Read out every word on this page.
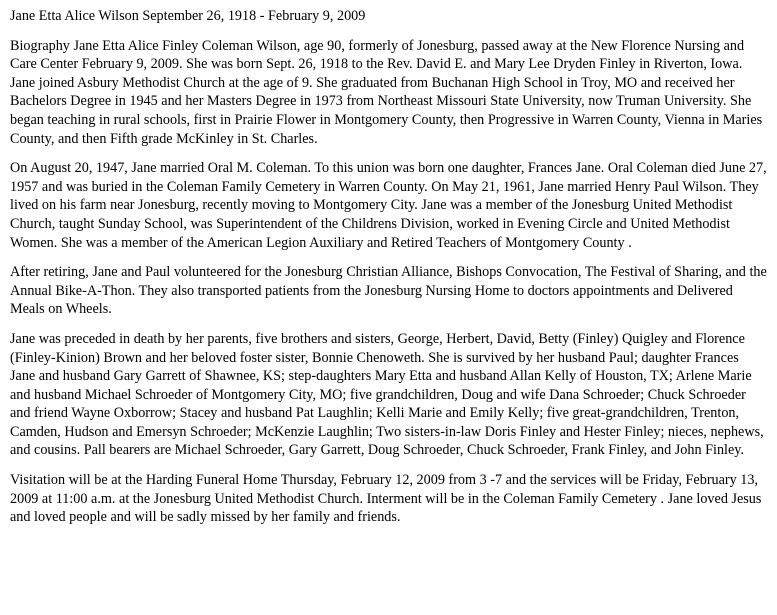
Jane Etta Alice Wilson September 26, 1918 - February 9, 2009
Biography Jane Etta Alice Finley Coleman Wilson, age 90, formerly of Jonesburg, passed away at the New Florence Nursing and Care Center February 9, 2009. She was born Sept. 26, 1918 to the Rev. David E. and Mary Lee Dryden Finley in Riverton, Iowa. Jane joined Asbury Methodist Church at the age of 9. She graduated from Buchanan High School in Troy, MO and received her Bachelors Degree in 1945 and her Masters Degree in 1973 from Northeast Missouri State University, now Truman University. She began teaching in rural schools, first in Prairie Flower in Montgomery County, then Progressive in Warren County, Vienna in Maries County, and then Fifth grade McKinley in St. Charles.
On August 20, 1947, Jane married Oral M. Coleman. To this union was born one daughter, Frances Jane. Oral Coleman died June 27, 1957 and was buried in the Coleman Family Cemetery in Warren County. On May 21, 1961, Jane married Henry Paul Wilson. They lived on his farm near Jonesburg, recently moving to Montgomery City. Jane was a member of the Jonesburg United Methodist Church, taught Sunday School, was Superintendent of the Childrens Division, worked in Evening Circle and United Methodist Women. She was a member of the American Legion Auxiliary and Retired Teachers of Montgomery County .
After retiring, Jane and Paul volunteered for the Jonesburg Christian Alliance, Bishops Convocation, The Festival of Sharing, and the Annual Bike-A-Thon. They also transported patients from the Jonesburg Nursing Home to doctors appointments and Delivered Meals on Wheels.
Jane was preceded in death by her parents, five brothers and sisters, George, Herbert, David, Betty (Finley) Quigley and Florence (Finley-Kinion) Brown and her beloved foster sister, Bonnie Chenoweth. She is survived by her husband Paul; daughter Frances Jane and husband Gary Garrett of Shawnee, KS; step-daughters Mary Etta and husband Allan Kelly of Houston, TX; Arlene Marie and husband Michael Schroeder of Montgomery City, MO; five grandchildren, Doug and wife Dana Schroeder; Chuck Schroeder and friend Wayne Oxborrow; Stacey and husband Pat Laughlin; Kelli Marie and Emily Kelly; five great-grandchildren, Trenton, Camden, Hudson and Emersyn Schroeder; McKenzie Laughlin; Two sisters-in-law Doris Finley and Hester Finley; nieces, nephews, and cousins. Pall bearers are Michael Schroeder, Gary Garrett, Doug Schroeder, Chuck Schroeder, Frank Finley, and John Finley.
Visitation will be at the Harding Funeral Home Thursday, February 12, 2009 from 3 -7 and the services will be Friday, February 13, 2009 at 11:00 a.m. at the Jonesburg United Methodist Church. Interment will be in the Coleman Family Cemetery . Jane loved Jesus and loved people and will be sadly missed by her family and friends.
